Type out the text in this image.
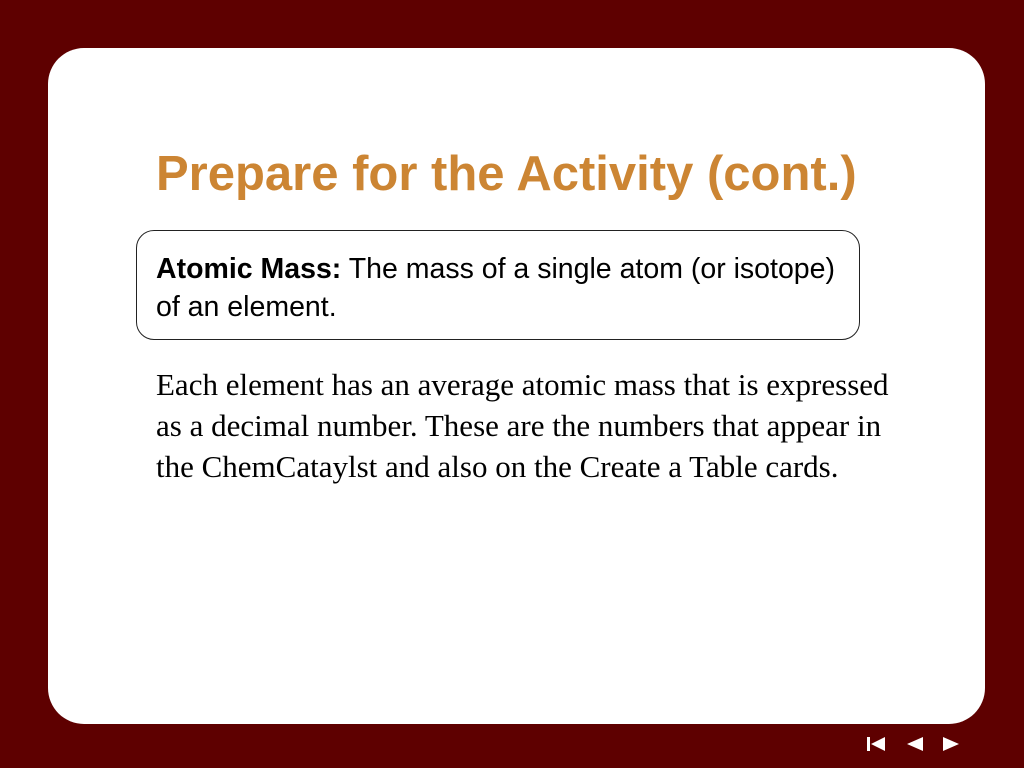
Prepare for the Activity (cont.)
Atomic Mass: The mass of a single atom (or isotope) of an element.

Each element has an average atomic mass that is expressed as a decimal number. These are the numbers that appear in the ChemCataylst and also on the Create a Table cards.
